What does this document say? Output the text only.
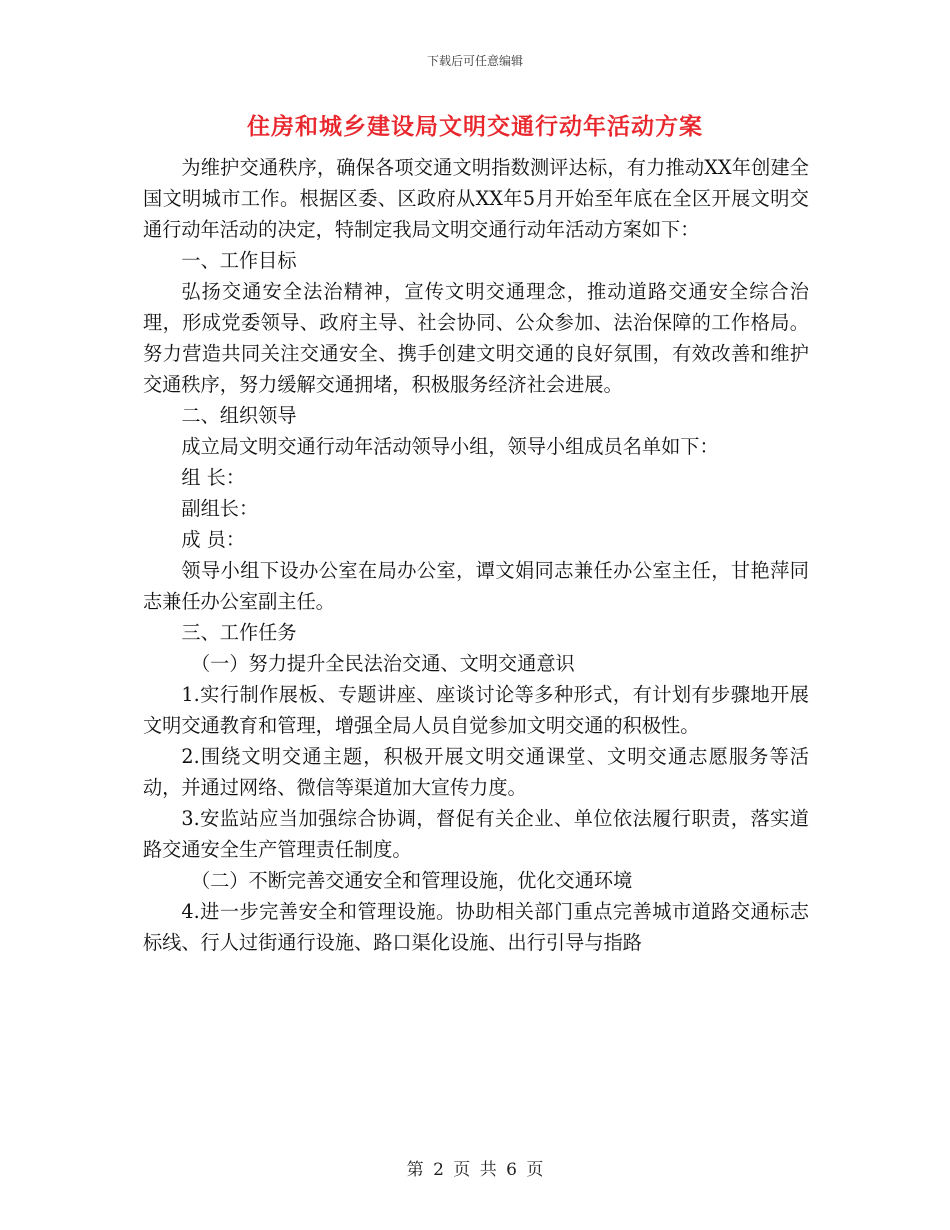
下载后可任意编辑
住房和城乡建设局文明交通行动年活动方案

为维护交通秩序，确保各项交通文明指数测评达标，有力推动XX年创建全国文明城市工作。根据区委、区政府从XX年5月开始至年底在全区开展文明交通行动年活动的决定，特制定我局文明交通行动年活动方案如下：

一、工作目标

弘扬交通安全法治精神，宣传文明交通理念，推动道路交通安全综合治理，形成党委领导、政府主导、社会协同、公众参加、法治保障的工作格局。努力营造共同关注交通安全、携手创建文明交通的良好氛围，有效改善和维护交通秩序，努力缓解交通拥堵，积极服务经济社会进展。

二、组织领导

成立局文明交通行动年活动领导小组，领导小组成员名单如下：

组 长：

副组长：

成 员：

领导小组下设办公室在局办公室，谭文娟同志兼任办公室主任，甘艳萍同志兼任办公室副主任。

三、工作任务

（一）努力提升全民法治交通、文明交通意识

1.实行制作展板、专题讲座、座谈讨论等多种形式，有计划有步骤地开展文明交通教育和管理，增强全局人员自觉参加文明交通的积极性。

2.围绕文明交通主题，积极开展文明交通课堂、文明交通志愿服务等活动，并通过网络、微信等渠道加大宣传力度。

3.安监站应当加强综合协调，督促有关企业、单位依法履行职责，落实道路交通安全生产管理责任制度。

（二）不断完善交通安全和管理设施，优化交通环境

4.进一步完善安全和管理设施。协助相关部门重点完善城市道路交通标志标线、行人过街通行设施、路口渠化设施、出行引导与指路

第 2 页 共 6 页
